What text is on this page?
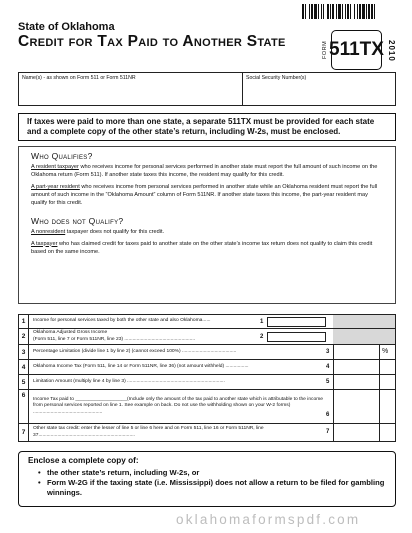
State of Oklahoma
Credit for Tax Paid to Another State	FORM 511TX 2010
Name(s) - as shown on Form 511 or Form 511NR	Social Security Number(s)
If taxes were paid to more than one state, a separate 511TX must be provided for each state and a complete copy of the other state’s return, including W-2s, must be enclosed.
Who Qualifies?

A resident taxpayer who receives income for personal services performed in another state must report the full amount of such income on the Oklahoma return (Form 511). If another state taxes this income, the resident may qualify for this credit.

A part-year resident who receives income from personal services performed in another state while an Oklahoma resident must report the full amount of such income in the “Oklahoma Amount” column of Form 511NR. If another state taxes this income, the part-year resident may qualify for this credit.

Who does not Qualify?

A nonresident taxpayer does not qualify for this credit.

A taxpayer who has claimed credit for taxes paid to another state on the other state’s income tax return does not qualify to claim this credit based on the same income.

1	Income for personal services taxed by both the other state and also Oklahoma......	1
2
Oklahoma Adjusted Gross Income
(Form 511, line 7 or Form 511NR, line 23) ....................................................	2
3	Percentage Limitation (divide line 1 by line 2) (cannot exceed 100%) ........................................	3	%
4	Oklahoma Income Tax (Form 511, line 14 or Form 511NR, line 36) (not amount withheld) .................	4
5	Limitation Amount (multiply line 4 by line 3) ........................................................................	5
6
Income Tax paid to ___________________(Include only the amount of the tax paid to another state which is attributable to the income from personal services reported on line 1. See example on back. Do not use the withholding shown on your W-2 forms) ...................................................	6
7
Other state tax credit: enter the lesser of line 5 or line 6 here and on Form 511, line 16 or Form 511NR, line 37.......................................................................	7
Enclose a complete copy of:
• the other state’s return, including W-2s, or
• Form W-2G if the taxing state (i.e. Mississippi) does not allow a return to be filed for gambling winnings.
oklahomaformspdf.com
